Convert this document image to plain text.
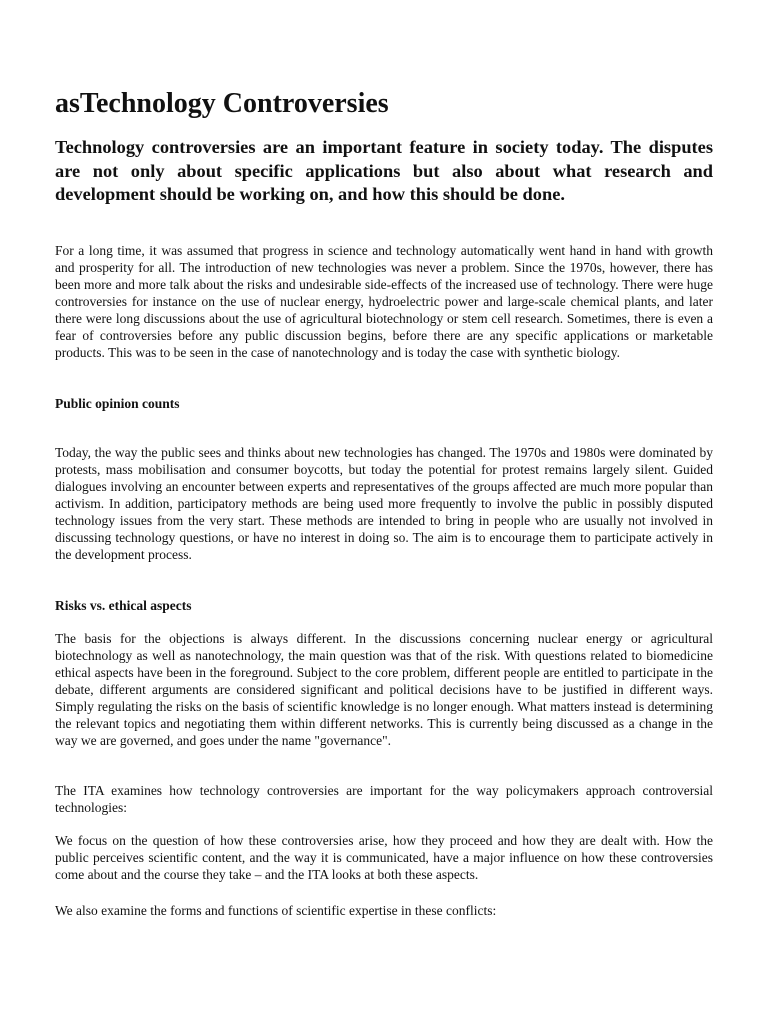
asTechnology Controversies

Technology controversies are an important feature in society today. The disputes are not only about specific applications but also about what research and development should be working on, and how this should be done.

For a long time, it was assumed that progress in science and technology automatically went hand in hand with growth and prosperity for all. The introduction of new technologies was never a problem. Since the 1970s, however, there has been more and more talk about the risks and undesirable side-effects of the increased use of technology. There were huge controversies for instance on the use of nuclear energy, hydroelectric power and large-scale chemical plants, and later there were long discussions about the use of agricultural biotechnology or stem cell research. Sometimes, there is even a fear of controversies before any public discussion begins, before there are any specific applications or marketable products. This was to be seen in the case of nanotechnology and is today the case with synthetic biology.

Public opinion counts

Today, the way the public sees and thinks about new technologies has changed. The 1970s and 1980s were dominated by protests, mass mobilisation and consumer boycotts, but today the potential for protest remains largely silent. Guided dialogues involving an encounter between experts and representatives of the groups affected are much more popular than activism. In addition, participatory methods are being used more frequently to involve the public in possibly disputed technology issues from the very start. These methods are intended to bring in people who are usually not involved in discussing technology questions, or have no interest in doing so. The aim is to encourage them to participate actively in the development process.

Risks vs. ethical aspects

The basis for the objections is always different. In the discussions concerning nuclear energy or agricultural biotechnology as well as nanotechnology, the main question was that of the risk. With questions related to biomedicine ethical aspects have been in the foreground. Subject to the core problem, different people are entitled to participate in the debate, different arguments are considered significant and political decisions have to be justified in different ways. Simply regulating the risks on the basis of scientific knowledge is no longer enough. What matters instead is determining the relevant topics and negotiating them within different networks. This is currently being discussed as a change in the way we are governed, and goes under the name "governance".

The ITA examines how technology controversies are important for the way policymakers approach controversial technologies:

We focus on the question of how these controversies arise, how they proceed and how they are dealt with. How the public perceives scientific content, and the way it is communicated, have a major influence on how these controversies come about and the course they take – and the ITA looks at both these aspects.

We also examine the forms and functions of scientific expertise in these conflicts:
